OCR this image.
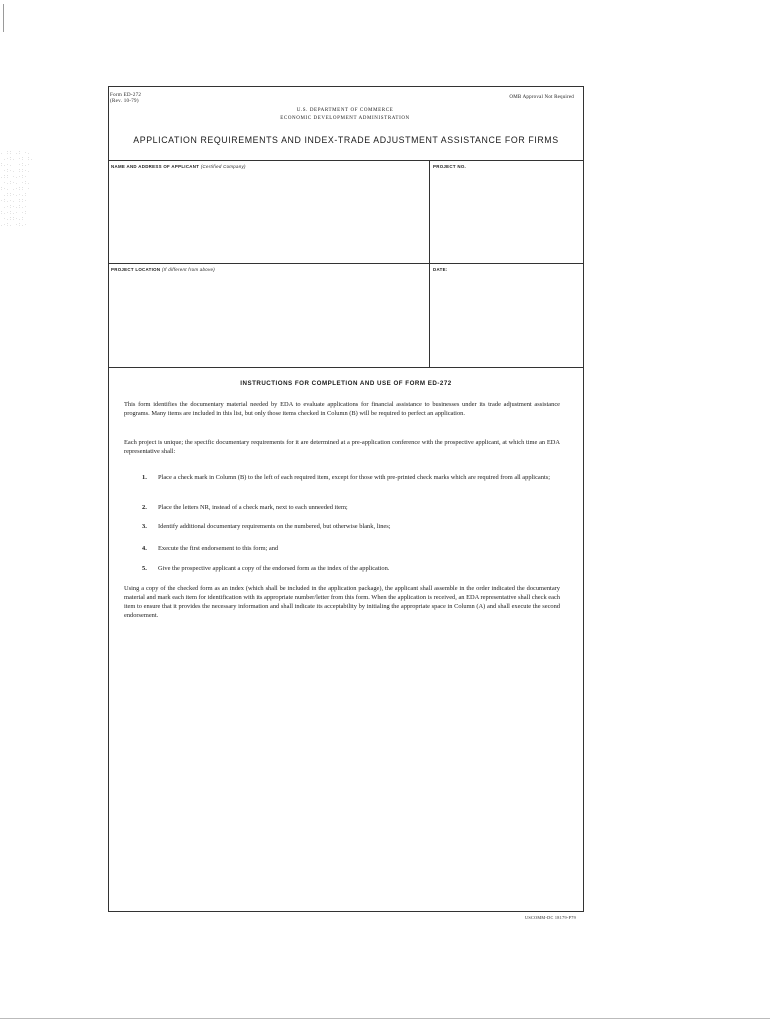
. :: .: ·.
.·:. ·: :.
:.·.  ·:.·
·:·. ::·.
.:: ·.·:·
·.:·. ·:.
:·. .·:: ·
.::·.·.:
·:.·. ::·
.·:·.:.·
:.·:.· ·:
·.::·.:
.·:. ·:.·
Form ED-272
(Rev. 10-79)
OMB Approval Not Required
U.S. DEPARTMENT OF COMMERCE
ECONOMIC DEVELOPMENT ADMINISTRATION
APPLICATION REQUIREMENTS AND INDEX-TRADE ADJUSTMENT ASSISTANCE FOR FIRMS
NAME AND ADDRESS OF APPLICANT (Certified Company)	PROJECT NO.
PROJECT LOCATION (If different from above)	DATE:
INSTRUCTIONS FOR COMPLETION AND USE OF FORM ED-272
This form identifies the documentary material needed by EDA to evaluate applications for financial assistance to businesses under its trade adjustment assistance programs. Many items are included in this list, but only those items checked in Column (B) will be required to perfect an application.
Each project is unique; the specific documentary requirements for it are determined at a pre-application conference with the prospective applicant, at which time an EDA representative shall:
1.	Place a check mark in Column (B) to the left of each required item, except for those with pre-printed check marks which are required from all applicants;
2.	Place the letters NR, instead of a check mark, next to each unneeded item;
3.	Identify additional documentary requirements on the numbered, but otherwise blank, lines;
4.	Execute the first endorsement to this form; and
5.	Give the prospective applicant a copy of the endorsed form as the index of the application.
Using a copy of the checked form as an index (which shall be included in the application package), the applicant shall assemble in the order indicated the documentary material and mark each item for identification with its appropriate number/letter from this form. When the application is received, an EDA representative shall check each item to ensure that it provides the necessary information and shall indicate its acceptability by initialing the appropriate space in Column (A) and shall execute the second endorsement.
USCOMM-DC 18179-P79
